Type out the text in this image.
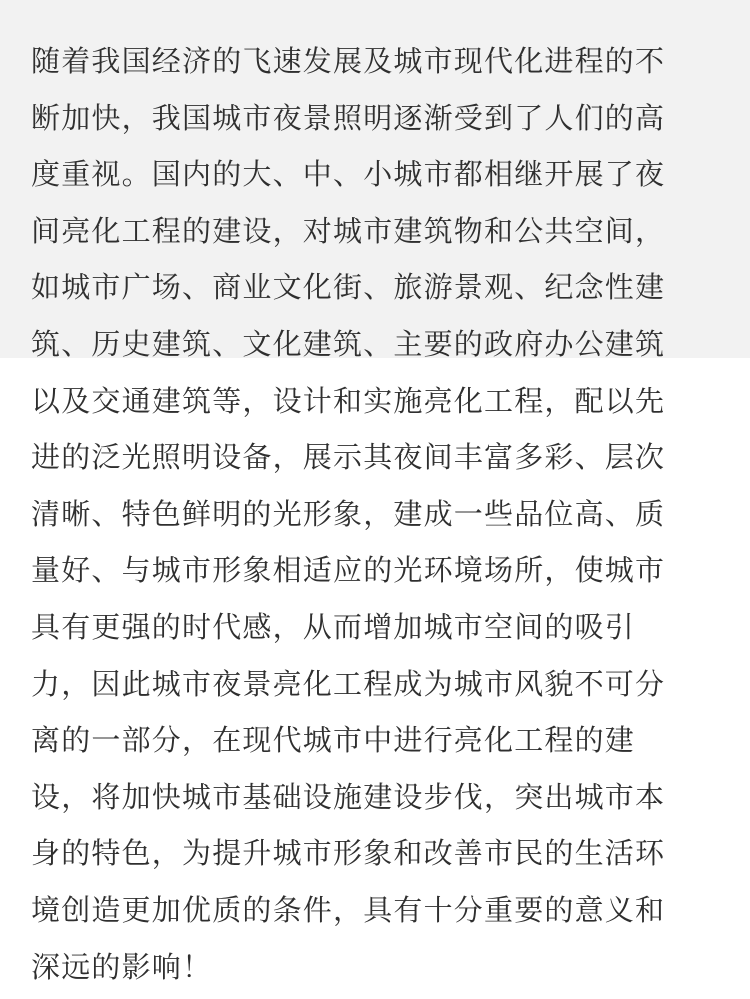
随着我国经济的飞速发展及城市现代化进程的不
断加快，我国城市夜景照明逐渐受到了人们的高
度重视。国内的大、中、小城市都相继开展了夜
间亮化工程的建设，对城市建筑物和公共空间，
如城市广场、商业文化街、旅游景观、纪念性建
筑、历史建筑、文化建筑、主要的政府办公建筑
以及交通建筑等，设计和实施亮化工程，配以先
进的泛光照明设备，展示其夜间丰富多彩、层次
清晰、特色鲜明的光形象，建成一些品位高、质
量好、与城市形象相适应的光环境场所，使城市
具有更强的时代感，从而增加城市空间的吸引
力，因此城市夜景亮化工程成为城市风貌不可分
离的一部分，在现代城市中进行亮化工程的建
设，将加快城市基础设施建设步伐，突出城市本
身的特色，为提升城市形象和改善市民的生活环
境创造更加优质的条件，具有十分重要的意义和
深远的影响！
